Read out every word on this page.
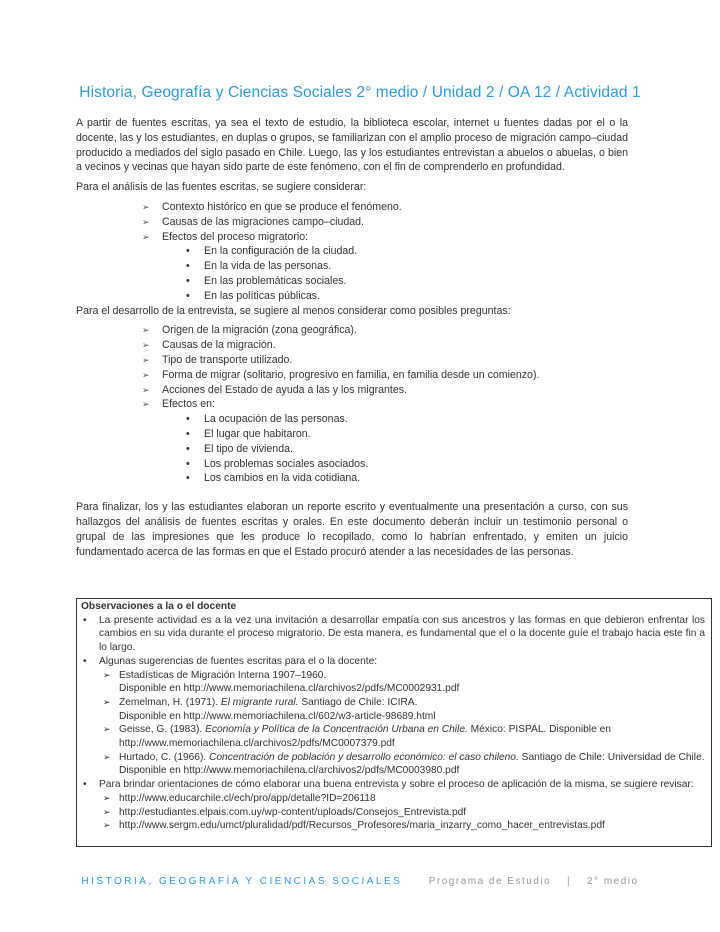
Historia, Geografía y Ciencias Sociales 2° medio / Unidad 2 / OA 12 / Actividad 1

A partir de fuentes escritas, ya sea el texto de estudio, la biblioteca escolar, internet u fuentes dadas por el o la docente, las y los estudiantes, en duplas o grupos, se familiarizan con el amplio proceso de migración campo–ciudad producido a mediados del siglo pasado en Chile. Luego, las y los estudiantes entrevistan a abuelos o abuelas, o bien a vecinos y vecinas que hayan sido parte de este fenómeno, con el fin de comprenderlo en profundidad.

Para el análisis de las fuentes escritas, se sugiere considerar:

➢ Contexto histórico en que se produce el fenómeno.
➢ Causas de las migraciones campo–ciudad.
➢ Efectos del proceso migratorio:
• En la configuración de la ciudad.
• En la vida de las personas.
• En las problemáticas sociales.
• En las políticas públicas.

Para el desarrollo de la entrevista, se sugiere al menos considerar como posibles preguntas:

➢ Origen de la migración (zona geográfica).
➢ Causas de la migración.
➢ Tipo de transporte utilizado.
➢ Forma de migrar (solitario, progresivo en familia, en familia desde un comienzo).
➢ Acciones del Estado de ayuda a las y los migrantes.
➢ Efectos en:
• La ocupación de las personas.
• El lugar que habitaron.
• El tipo de vivienda.
• Los problemas sociales asociados.
• Los cambios en la vida cotidiana.

Para finalizar, los y las estudiantes elaboran un reporte escrito y eventualmente una presentación a curso, con sus hallazgos del análisis de fuentes escritas y orales. En este documento deberán incluir un testimonio personal o grupal de las impresiones que les produce lo recopilado, como lo habrían enfrentado, y emiten un juicio fundamentado acerca de las formas en que el Estado procuró atender a las necesidades de las personas.

Observaciones a la o el docente
• La presente actividad es a la vez una invitación a desarrollar empatía con sus ancestros y las formas en que debieron enfrentar los cambios en su vida durante el proceso migratorio. De esta manera, es fundamental que el o la docente guíe el trabajo hacia este fin a lo largo.
• Algunas sugerencias de fuentes escritas para el o la docente:
➢ Estadísticas de Migración Interna 1907–1960.
Disponible en http://www.memoriachilena.cl/archivos2/pdfs/MC0002931.pdf
➢ Zemelman, H. (1971). El migrante rural. Santiago de Chile: ICIRA.
Disponible en http://www.memoriachilena.cl/602/w3-article-98689.html
➢ Geisse, G. (1983). Economía y Política de la Concentración Urbana en Chile. México: PISPAL. Disponible en http://www.memoriachilena.cl/archivos2/pdfs/MC0007379.pdf
➢ Hurtado, C. (1966). Concentración de población y desarrollo económico: el caso chileno. Santiago de Chile: Universidad de Chile.
Disponible en http://www.memoriachilena.cl/archivos2/pdfs/MC0003980.pdf
• Para brindar orientaciones de cómo elaborar una buena entrevista y sobre el proceso de aplicación de la misma, se sugiere revisar:
➢ http://www.educarchile.cl/ech/pro/app/detalle?ID=206118
➢ http://estudiantes.elpais.com.uy/wp-content/uploads/Consejos_Entrevista.pdf
➢ http://www.sergm.edu/umct/pluralidad/pdf/Recursos_Profesores/maria_inzarry_como_hacer_entrevistas.pdf
HISTORIA, GEOGRAFÍA Y CIENCIAS SOCIALES	Programa de Estudio | 2° medio
